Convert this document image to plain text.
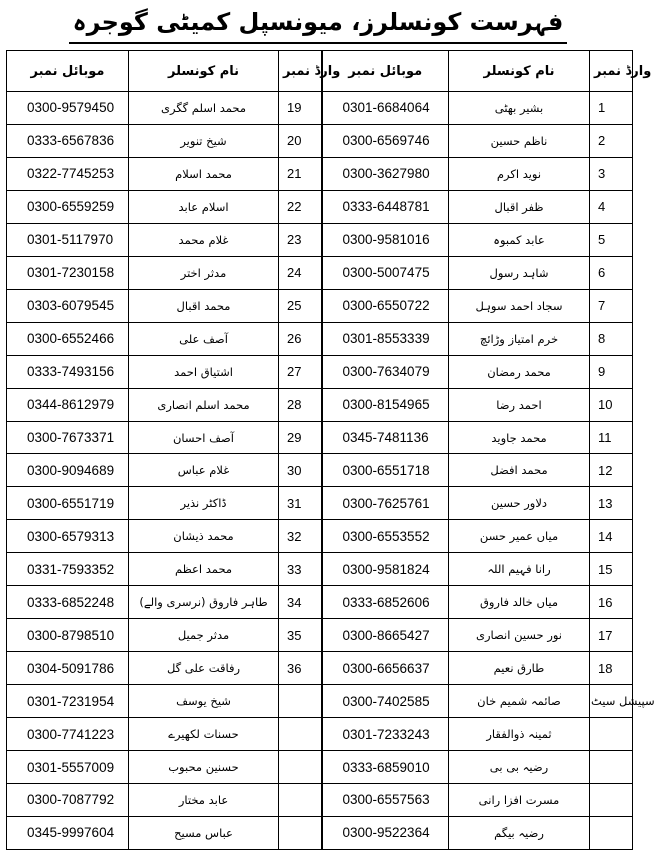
فہرست کونسلرز، میونسپل کمیٹی گوجرہ
موبائل نمبر	نام کونسلر	وارڈ نمبر	موبائل نمبر	نام کونسلر	وارڈ نمبر
0300-9579450	محمد اسلم گگری	19	0301-6684064	بشیر بھٹی	1
0333-6567836	شیخ تنویر	20	0300-6569746	ناظم حسین	2
0322-7745253	محمد اسلام	21	0300-3627980	نوید اکرم	3
0300-6559259	اسلام عابد	22	0333-6448781	ظفر اقبال	4
0301-5117970	غلام محمد	23	0300-9581016	عابد کمبوہ	5
0301-7230158	مدثر اختر	24	0300-5007475	شاہد رسول	6
0303-6079545	محمد اقبال	25	0300-6550722	سجاد احمد سوہل	7
0300-6552466	آصف علی	26	0301-8553339	خرم امتیاز وڑائچ	8
0333-7493156	اشتیاق احمد	27	0300-7634079	محمد رمضان	9
0344-8612979	محمد اسلم انصاری	28	0300-8154965	احمد رضا	10
0300-7673371	آصف احسان	29	0345-7481136	محمد جاوید	11
0300-9094689	غلام عباس	30	0300-6551718	محمد افضل	12
0300-6551719	ڈاکٹر نذیر	31	0300-7625761	دلاور حسین	13
0300-6579313	محمد ذیشان	32	0300-6553552	میاں عمیر حسن	14
0331-7593352	محمد اعظم	33	0300-9581824	رانا فہیم اللہ	15
0333-6852248	طاہر فاروق (نرسری والے)	34	0333-6852606	میاں خالد فاروق	16
0300-8798510	مدثر جمیل	35	0300-8665427	نور حسین انصاری	17
0304-5091786	رفاقت علی گل	36	0300-6656637	طارق نعیم	18
0301-7231954	شیخ یوسف		0300-7402585	صائمہ شمیم خان	سپیشل سیٹ
0300-7741223	حسنات لکھیرے		0301-7233243	ثمینہ ذوالفقار	
0301-5557009	حسنین محبوب		0333-6859010	رضیہ بی بی	
0300-7087792	عابد مختار		0300-6557563	مسرت افزا رانی	
0345-9997604	عباس مسیح		0300-9522364	رضیہ بیگم	
